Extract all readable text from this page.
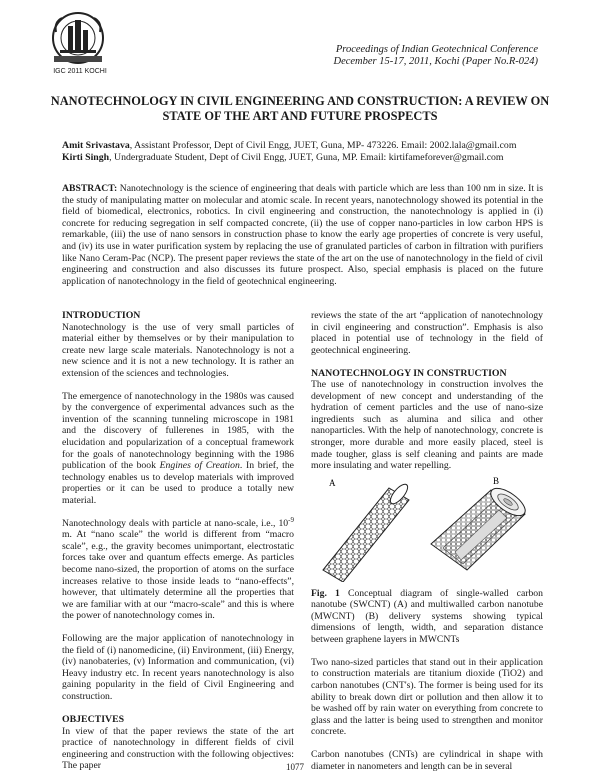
IGC 2011 KOCHI
Proceedings of Indian Geotechnical Conference
December 15-17, 2011, Kochi (Paper No.R-024)
NANOTECHNOLOGY IN CIVIL ENGINEERING AND CONSTRUCTION: A REVIEW ON STATE OF THE ART AND FUTURE PROSPECTS
Amit Srivastava, Assistant Professor, Dept of Civil Engg, JUET, Guna, MP- 473226. Email: 2002.lala@gmail.com
Kirti Singh, Undergraduate Student, Dept of Civil Engg, JUET, Guna, MP. Email: kirtifameforever@gmail.com
ABSTRACT: Nanotechnology is the science of engineering that deals with particle which are less than 100 nm in size. It is the study of manipulating matter on molecular and atomic scale. In recent years, nanotechnology showed its potential in the field of biomedical, electronics, robotics. In civil engineering and construction, the nanotechnology is applied in (i) concrete for reducing segregation in self compacted concrete, (ii) the use of copper nano-particles in low carbon HPS is remarkable, (iii) the use of nano sensors in construction phase to know the early age properties of concrete is very useful, and (iv) its use in water purification system by replacing the use of granulated particles of carbon in filtration with purifiers like Nano Ceram-Pac (NCP). The present paper reviews the state of the art on the use of nanotechnology in the field of civil engineering and construction and also discusses its future prospect. Also, special emphasis is placed on the future application of nanotechnology in the field of geotechnical engineering.
INTRODUCTION

Nanotechnology is the use of very small particles of material either by themselves or by their manipulation to create new large scale materials. Nanotechnology is not a new science and it is not a new technology. It is rather an extension of the sciences and technologies.

The emergence of nanotechnology in the 1980s was caused by the convergence of experimental advances such as the invention of the scanning tunneling microscope in 1981 and the discovery of fullerenes in 1985, with the elucidation and popularization of a conceptual framework for the goals of nanotechnology beginning with the 1986 publication of the book Engines of Creation. In brief, the technology enables us to develop materials with improved properties or it can be used to produce a totally new material.

Nanotechnology deals with particle at nano-scale, i.e., $10^{-9}$ m. At “nano scale” the world is different from “macro scale”, e.g., the gravity becomes unimportant, electrostatic forces take over and quantum effects emerge. As particles become nano-sized, the proportion of atoms on the surface increases relative to those inside leads to “nano-effects”, however, that ultimately determine all the properties that we are familiar with at our “macro-scale” and this is where the power of nanotechnology comes in.

Following are the major application of nanotechnology in the field of (i) nanomedicine, (ii) Environment, (iii) Energy, (iv) nanobateries, (v) Information and communication, (vi) Heavy industry etc. In recent years nanotechnology is also gaining popularity in the field of Civil Engineering and construction.

OBJECTIVES

In view of that the paper reviews the state of the art practice of nanotechnology in different fields of civil engineering and construction with the following objectives: The paper

reviews the state of the art “application of nanotechnology in civil engineering and construction”. Emphasis is also placed in potential use of technology in the field of geotechnical engineering.

NANOTECHNOLOGY IN CONSTRUCTION

The use of nanotechnology in construction involves the development of new concept and understanding of the hydration of cement particles and the use of nano-size ingredients such as alumina and silica and other nanoparticles. With the help of nanotechnology, concrete is stronger, more durable and more easily placed, steel is made tougher, glass is self cleaning and paints are made more insulating and water repelling.

A	B

Fig. 1 Conceptual diagram of single-walled carbon nanotube (SWCNT) (A) and multiwalled carbon nanotube (MWCNT) (B) delivery systems showing typical dimensions of length, width, and separation distance between graphene layers in MWCNTs

Two nano-sized particles that stand out in their application to construction materials are titanium dioxide (TiO2) and carbon nanotubes (CNT's). The former is being used for its ability to break down dirt or pollution and then allow it to be washed off by rain water on everything from concrete to glass and the latter is being used to strengthen and monitor concrete.

Carbon nanotubes (CNTs) are cylindrical in shape with diameter in nanometers and length can be in several

1077
